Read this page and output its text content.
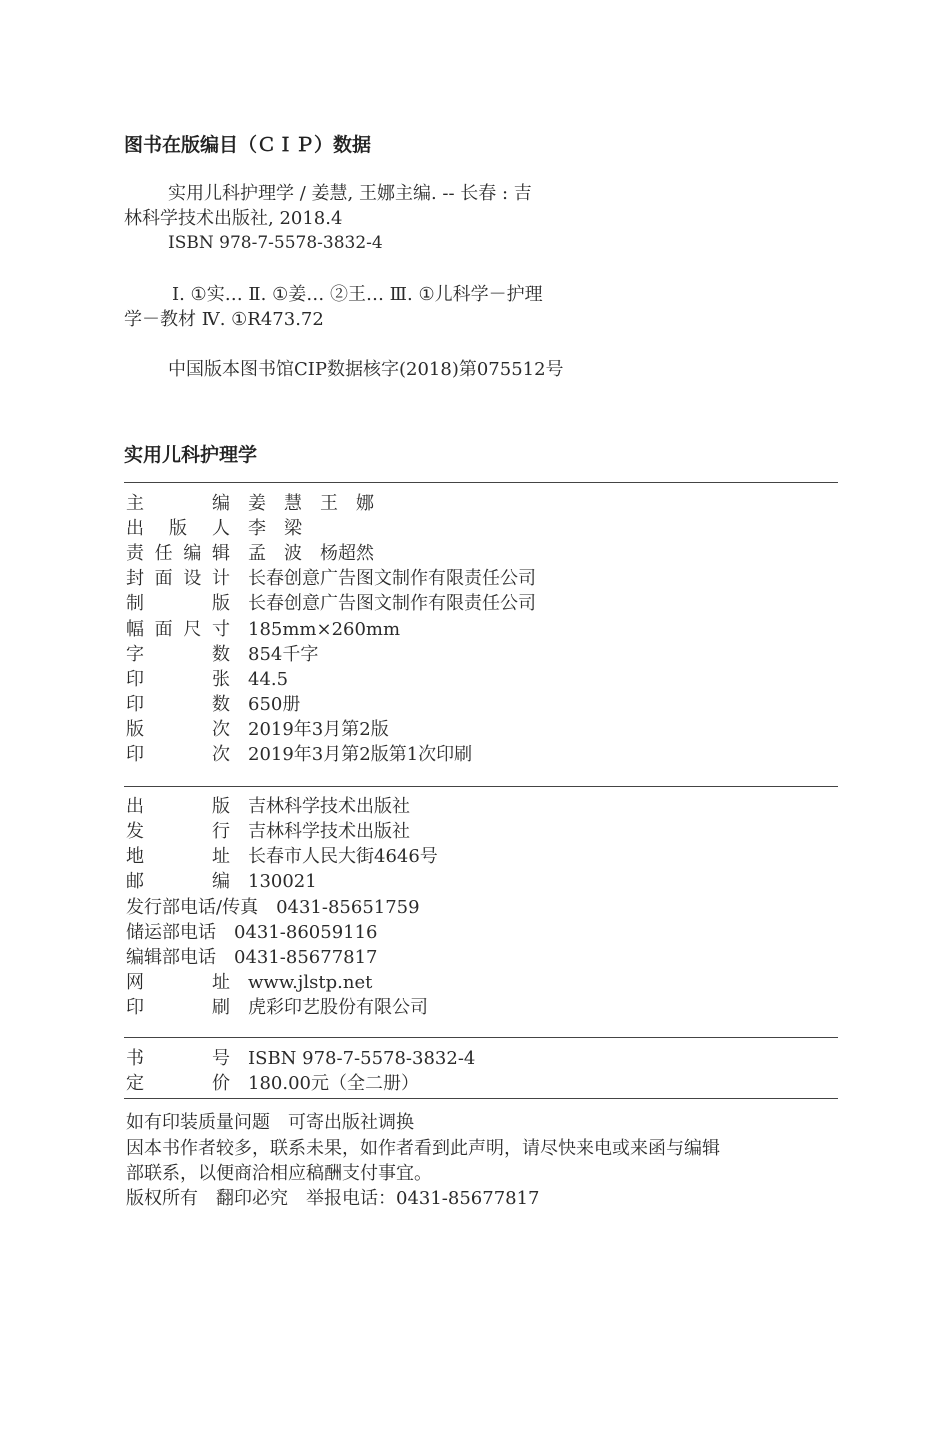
图书在版编目（ＣＩＰ）数据
实用儿科护理学 / 姜慧, 王娜主编. -- 长春 : 吉
林科学技术出版社, 2018.4
ISBN 978-7-5578-3832-4
Ⅰ. ①实… Ⅱ. ①姜… ②王… Ⅲ. ①儿科学－护理
学－教材 Ⅳ. ①R473.72
中国版本图书馆CIP数据核字(2018)第075512号
实用儿科护理学
主编　 姜　慧　王　娜
出版人　 李　梁
责任编辑　 孟　波　杨超然
封面设计　 长春创意广告图文制作有限责任公司
制版　 长春创意广告图文制作有限责任公司
幅面尺寸　 185mm×260mm
字数　 854千字
印张　 44.5
印数　 650册
版次　 2019年3月第2版
印次　 2019年3月第2版第1次印刷
出版　 吉林科学技术出版社
发行　 吉林科学技术出版社
地址　 长春市人民大街4646号
邮编　 130021
发行部电话/传真　 0431-85651759
储运部电话　 0431-86059116
编辑部电话　 0431-85677817
网址　 www.jlstp.net
印刷　 虎彩印艺股份有限公司
书号　 ISBN 978-7-5578-3832-4
定价　 180.00元（全二册）
如有印装质量问题　可寄出版社调换
因本书作者较多，联系未果，如作者看到此声明，请尽快来电或来函与编辑
部联系，以便商洽相应稿酬支付事宜。
版权所有　翻印必究　举报电话：0431-85677817
